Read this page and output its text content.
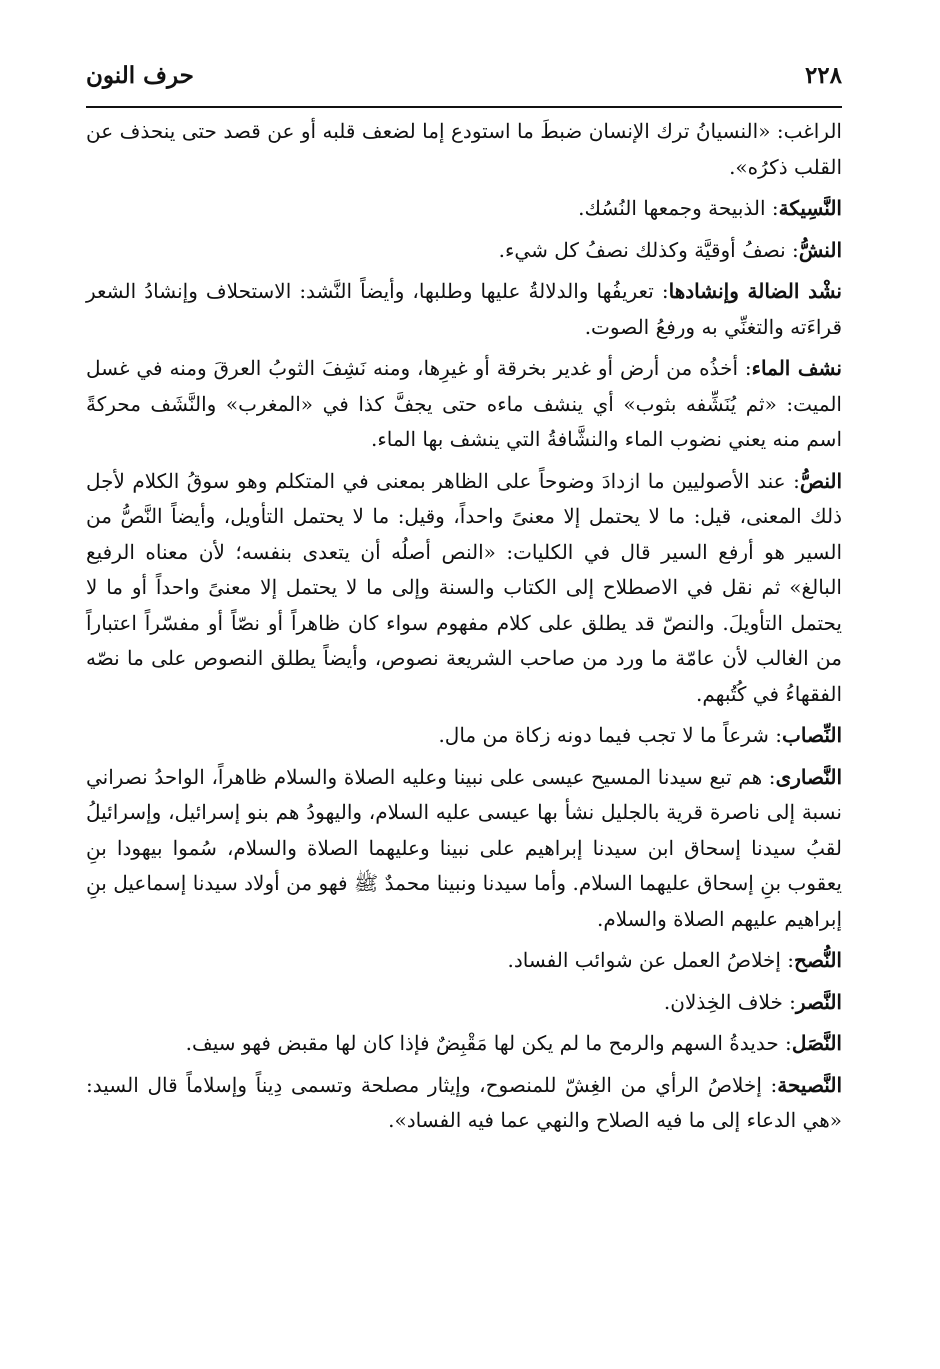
٢٢٨
حرف النون

الراغب: «النسيانُ ترك الإنسان ضبطَ ما استودع إما لضعف قلبه أو عن قصد حتى ينحذف عن القلب ذكرُه».

النَّسِيكة: الذبيحة وجمعها النُسُك.

النشُّ: نصفُ أوقيَّة وكذلك نصفُ كل شيء.

نشْد الضالة وإنشادها: تعريفُها والدلالةُ عليها وطلبها، وأيضاً النَّشد: الاستحلاف وإنشادُ الشعر قراءَته والتغنِّي به ورفعُ الصوت.

نشف الماء: أخذُه من أرض أو غدير بخرقة أو غيرِها، ومنه نَشِفَ الثوبُ العرقَ ومنه في غسل الميت: «ثم يُنَشِّفه بثوب» أي ينشف ماءه حتى يجفَّ كذا في «المغرب» والنَّشَف محركةً اسم منه يعني نضوب الماء والنشَّافةُ التي ينشف بها الماء.

النصُّ: عند الأصوليين ما ازدادَ وضوحاً على الظاهر بمعنى في المتكلم وهو سوقُ الكلام لأجل ذلك المعنى، قيل: ما لا يحتمل إلا معنىً واحداً، وقيل: ما لا يحتمل التأويل، وأيضاً النَّصُّ من السير هو أرفع السير قال في الكليات: «النص أصلُه أن يتعدى بنفسه؛ لأن معناه الرفيع البالغ» ثم نقل في الاصطلاح إلى الكتاب والسنة وإلى ما لا يحتمل إلا معنىً واحداً أو ما لا يحتمل التأويلَ. والنصّ قد يطلق على كلام مفهوم سواء كان ظاهراً أو نصّاً أو مفسّراً اعتباراً من الغالب لأن عامّة ما ورد من صاحب الشريعة نصوص، وأيضاً يطلق النصوص على ما نصّه الفقهاءُ في كُتُبهم.

النِّصاب: شرعاً ما لا تجب فيما دونه زكاة من مال.

النَّصارى: هم تبع سيدنا المسيح عيسى على نبينا وعليه الصلاة والسلام ظاهراً، الواحدُ نصراني نسبة إلى ناصرة قرية بالجليل نشأ بها عيسى عليه السلام، واليهودُ هم بنو إسرائيل، وإسرائيلُ لقبُ سيدنا إسحاق ابن سيدنا إبراهيم على نبينا وعليهما الصلاة والسلام، سُموا بيهودا بنِ يعقوب بنِ إسحاق عليهما السلام. وأما سيدنا ونبينا محمدٌ ﷺ فهو من أولاد سيدنا إسماعيل بنِ إبراهيم عليهم الصلاة والسلام.

النُّصح: إخلاصُ العمل عن شوائب الفساد.

النَّصر: خلاف الخِذلان.

النَّصَل: حديدةُ السهم والرمح ما لم يكن لها مَقْبِضٌ فإذا كان لها مقبض فهو سيف.

النَّصيحة: إخلاصُ الرأي من الغِشّ للمنصوح، وإيثار مصلحة وتسمى دِيناً وإسلاماً قال السيد: «هي الدعاء إلى ما فيه الصلاح والنهي عما فيه الفساد».
